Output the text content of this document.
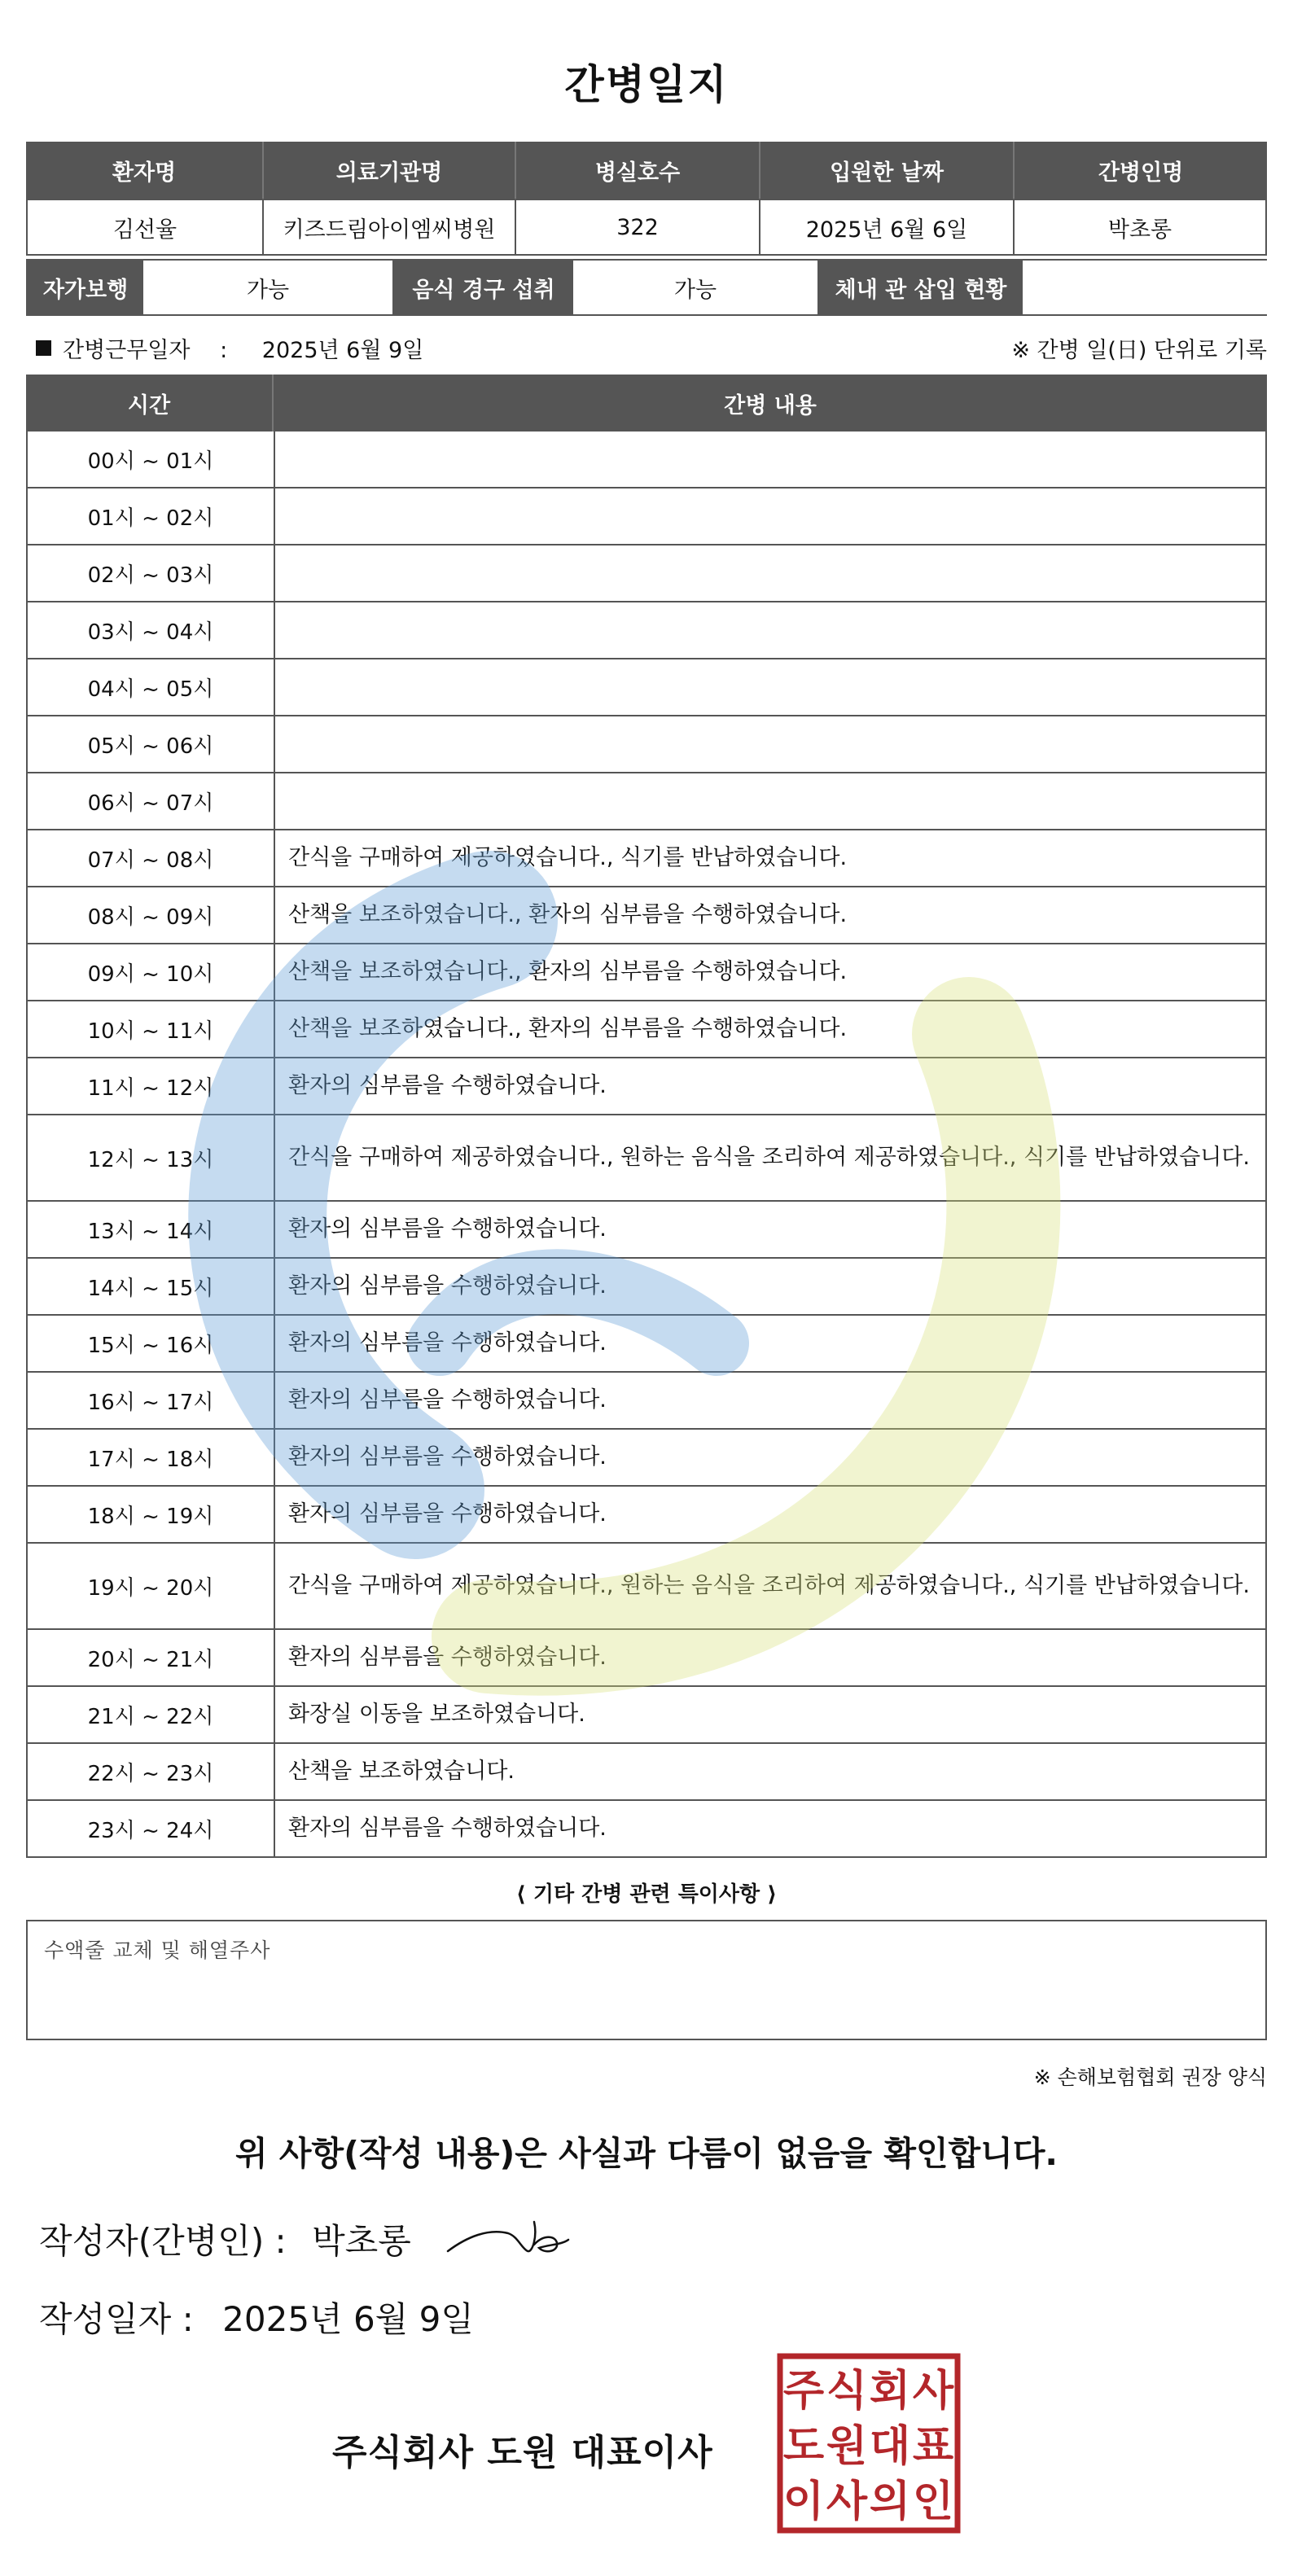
간병일지
환자명	의료기관명	병실호수	입원한 날짜	간병인명
김선율	키즈드림아이엠씨병원	322	2025년 6월 6일	박초롱
자가보행	가능	음식 경구 섭취	가능	체내 관 삽입 현황
간병근무일자 : 2025년 6월 9일	※ 간병 일(日) 단위로 기록
시간	간병 내용
00시 ~ 01시
01시 ~ 02시
02시 ~ 03시
03시 ~ 04시
04시 ~ 05시
05시 ~ 06시
06시 ~ 07시
07시 ~ 08시	간식을 구매하여 제공하였습니다., 식기를 반납하였습니다.
08시 ~ 09시	산책을 보조하였습니다., 환자의 심부름을 수행하였습니다.
09시 ~ 10시	산책을 보조하였습니다., 환자의 심부름을 수행하였습니다.
10시 ~ 11시	산책을 보조하였습니다., 환자의 심부름을 수행하였습니다.
11시 ~ 12시	환자의 심부름을 수행하였습니다.
12시 ~ 13시	간식을 구매하여 제공하였습니다., 원하는 음식을 조리하여 제공하였습니다., 식기를 반납하였습니다.
13시 ~ 14시	환자의 심부름을 수행하였습니다.
14시 ~ 15시	환자의 심부름을 수행하였습니다.
15시 ~ 16시	환자의 심부름을 수행하였습니다.
16시 ~ 17시	환자의 심부름을 수행하였습니다.
17시 ~ 18시	환자의 심부름을 수행하였습니다.
18시 ~ 19시	환자의 심부름을 수행하였습니다.
19시 ~ 20시	간식을 구매하여 제공하였습니다., 원하는 음식을 조리하여 제공하였습니다., 식기를 반납하였습니다.
20시 ~ 21시	환자의 심부름을 수행하였습니다.
21시 ~ 22시	화장실 이동을 보조하였습니다.
22시 ~ 23시	산책을 보조하였습니다.
23시 ~ 24시	환자의 심부름을 수행하였습니다.
⟨ 기타 간병 관련 특이사항 ⟩
수액줄 교체 및 해열주사
※ 손해보험협회 권장 양식
위 사항(작성 내용)은 사실과 다름이 없음을 확인합니다.
작성자(간병인) : 박초롱
작성일자 : 2025년 6월 9일
주식회사 도원 대표이사
주 식 회 사
도 원 대 표
이 사 의 인
